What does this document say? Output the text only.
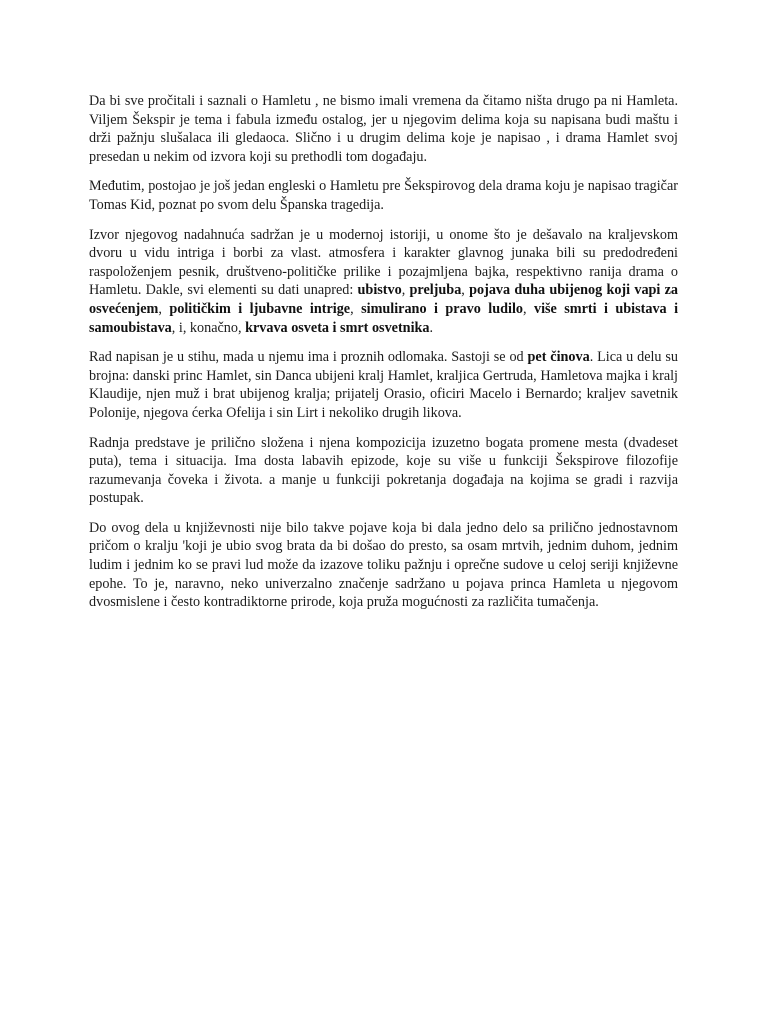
Da bi sve pročitali i saznali o Hamletu , ne bismo imali vremena da čitamo ništa drugo pa ni Hamleta. Viljem Šekspir je tema i fabula između ostalog, jer u njegovim delima koja su napisana budi maštu i drži pažnju slušalaca ili gledaoca. Slično i u drugim delima koje je napisao , i drama Hamlet svoj presedan u nekim od izvora koji su prethodli tom događaju.

Međutim, postojao je još jedan engleski o Hamletu pre Šekspirovog dela drama koju je napisao tragičar Tomas Kid, poznat po svom delu Španska tragedija.

Izvor njegovog nadahnuća sadržan je u modernoj istoriji, u onome što je dešavalo na kraljevskom dvoru u vidu intriga i borbi za vlast. atmosfera i karakter glavnog junaka bili su predodređeni raspoloženjem pesnik, društveno-političke prilike i pozajmljena bajka, respektivno ranija drama o Hamletu. Dakle, svi elementi su dati unapred: ubistvo, preljuba, pojava duha ubijenog koji vapi za osvećenjem, političkim i ljubavne intrige, simulirano i pravo ludilo, više smrti i ubistava i samoubistava, i, konačno, krvava osveta i smrt osvetnika.

Rad napisan je u stihu, mada u njemu ima i proznih odlomaka. Sastoji se od pet činova. Lica u delu su brojna: danski princ Hamlet, sin Danca ubijeni kralj Hamlet, kraljica Gertruda, Hamletova majka i kralj Klaudije, njen muž i brat ubijenog kralja; prijatelj Orasio, oficiri Macelo i Bernardo; kraljev savetnik Polonije, njegova ćerka Ofelija i sin Lirt i nekoliko drugih likova.

Radnja predstave je prilično složena i njena kompozicija izuzetno bogata promene mesta (dvadeset puta), tema i situacija. Ima dosta labavih epizode, koje su više u funkciji Šekspirove filozofije razumevanja čoveka i života. a manje u funkciji pokretanja događaja na kojima se gradi i razvija postupak.

Do ovog dela u književnosti nije bilo takve pojave koja bi dala jedno delo sa prilično jednostavnom pričom o kralju 'koji je ubio svog brata da bi došao do presto, sa osam mrtvih, jednim duhom, jednim ludim i jednim ko se pravi lud može da izazove toliku pažnju i oprečne sudove u celoj seriji književne epohe. To je, naravno, neko univerzalno značenje sadržano u pojava princa Hamleta u njegovom dvosmislene i često kontradiktorne prirode, koja pruža mogućnosti za različita tumačenja.
